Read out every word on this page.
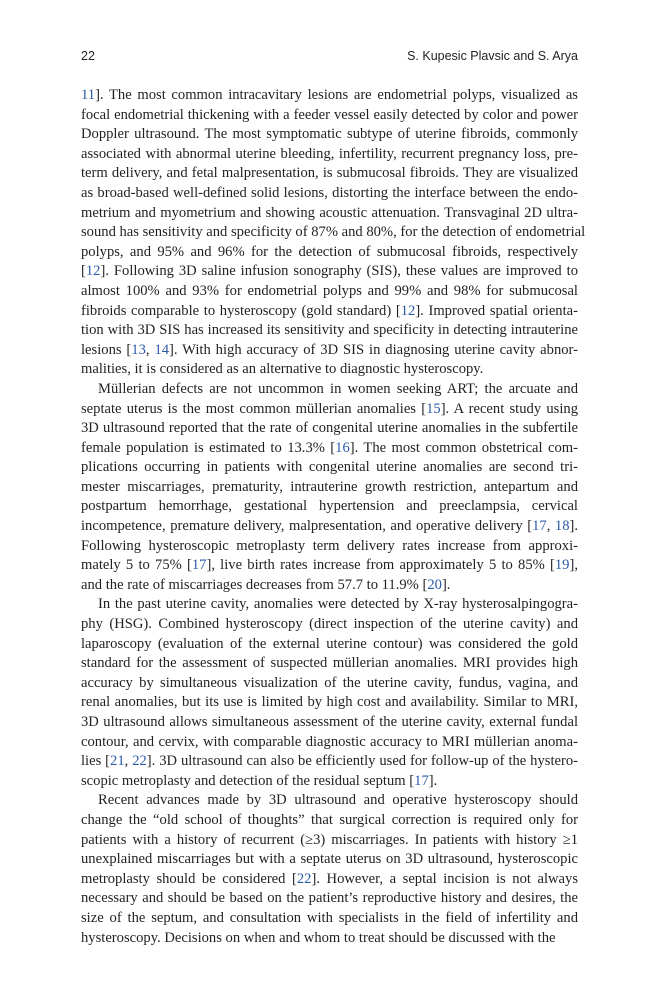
22	S. Kupesic Plavsic and S. Arya
11]. The most common intracavitary lesions are endometrial polyps, visualized as
focal endometrial thickening with a feeder vessel easily detected by color and power
Doppler ultrasound. The most symptomatic subtype of uterine fibroids, commonly
associated with abnormal uterine bleeding, infertility, recurrent pregnancy loss, pre-
term delivery, and fetal malpresentation, is submucosal fibroids. They are visualized
as broad-based well-defined solid lesions, distorting the interface between the endo-
metrium and myometrium and showing acoustic attenuation. Transvaginal 2D ultra-
sound has sensitivity and specificity of 87% and 80%, for the detection of endometrial
polyps, and 95% and 96% for the detection of submucosal fibroids, respectively
[12]. Following 3D saline infusion sonography (SIS), these values are improved to
almost 100% and 93% for endometrial polyps and 99% and 98% for submucosal
fibroids comparable to hysteroscopy (gold standard) [12]. Improved spatial orienta-
tion with 3D SIS has increased its sensitivity and specificity in detecting intrauterine
lesions [13, 14]. With high accuracy of 3D SIS in diagnosing uterine cavity abnor-
malities, it is considered as an alternative to diagnostic hysteroscopy.
Müllerian defects are not uncommon in women seeking ART; the arcuate and
septate uterus is the most common müllerian anomalies [15]. A recent study using
3D ultrasound reported that the rate of congenital uterine anomalies in the subfertile
female population is estimated to 13.3% [16]. The most common obstetrical com-
plications occurring in patients with congenital uterine anomalies are second tri-
mester miscarriages, prematurity, intrauterine growth restriction, antepartum and
postpartum hemorrhage, gestational hypertension and preeclampsia, cervical
incompetence, premature delivery, malpresentation, and operative delivery [17, 18].
Following hysteroscopic metroplasty term delivery rates increase from approxi-
mately 5 to 75% [17], live birth rates increase from approximately 5 to 85% [19],
and the rate of miscarriages decreases from 57.7 to 11.9% [20].
In the past uterine cavity, anomalies were detected by X-ray hysterosalpingogra-
phy (HSG). Combined hysteroscopy (direct inspection of the uterine cavity) and
laparoscopy (evaluation of the external uterine contour) was considered the gold
standard for the assessment of suspected müllerian anomalies. MRI provides high
accuracy by simultaneous visualization of the uterine cavity, fundus, vagina, and
renal anomalies, but its use is limited by high cost and availability. Similar to MRI,
3D ultrasound allows simultaneous assessment of the uterine cavity, external fundal
contour, and cervix, with comparable diagnostic accuracy to MRI müllerian anoma-
lies [21, 22]. 3D ultrasound can also be efficiently used for follow-up of the hystero-
scopic metroplasty and detection of the residual septum [17].
Recent advances made by 3D ultrasound and operative hysteroscopy should
change the “old school of thoughts” that surgical correction is required only for
patients with a history of recurrent (≥3) miscarriages. In patients with history ≥1
unexplained miscarriages but with a septate uterus on 3D ultrasound, hysteroscopic
metroplasty should be considered [22]. However, a septal incision is not always
necessary and should be based on the patient’s reproductive history and desires, the
size of the septum, and consultation with specialists in the field of infertility and
hysteroscopy. Decisions on when and whom to treat should be discussed with the
